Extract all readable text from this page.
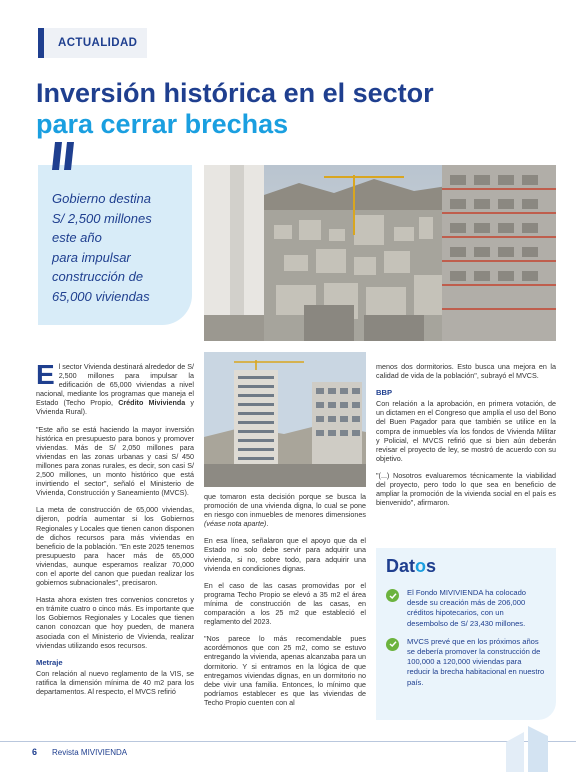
ACTUALIDAD
Inversión histórica en el sector
para cerrar brechas
Gobierno destina
S/ 2,500 millones
este año
para impulsar
construcción de
65,000 viviendas

El sector Vivienda destinará alrededor de S/ 2,500 millones para impulsar la edificación de 65,000 viviendas a nivel nacional, mediante los programas que maneja el Estado (Techo Propio, Crédito Mivivienda y Vivienda Rural).

"Este año se está haciendo la mayor inversión histórica en presupuesto para bonos y promover viviendas. Más de S/ 2,050 millones para viviendas en las zonas urbanas y casi S/ 450 millones para zonas rurales, es decir, son casi S/ 2,500 millones, un monto histórico que está invirtiendo el sector", señaló el Ministerio de Vivienda, Construcción y Saneamiento (MVCS).

La meta de construcción de 65,000 viviendas, dijeron, podría aumentar si los Gobiernos Regionales y Locales que tienen canon disponen de dichos recursos para más viviendas en beneficio de la población. "En este 2025 tenemos presupuesto para hacer más de 65,000 viviendas, aunque esperamos realizar 70,000 con el aporte del canon que puedan realizar los gobiernos subnacionales", precisaron.

Hasta ahora existen tres convenios concretos y en trámite cuatro o cinco más. Es importante que los Gobiernos Regionales y Locales que tienen canon conozcan que hoy pueden, de manera asociada con el Ministerio de Vivienda, realizar viviendas utilizando esos recursos.

Metraje

Con relación al nuevo reglamento de la VIS, se ratifica la dimensión mínima de 40 m2 para los departamentos. Al respecto, el MVCS refirió

que tomaron esta decisión porque se busca la promoción de una vivienda digna, lo cual se pone en riesgo con inmuebles de menores dimensiones (véase nota aparte).

En esa línea, señalaron que el apoyo que da el Estado no solo debe servir para adquirir una vivienda, si no, sobre todo, para adquirir una vivienda en condiciones dignas.

En el caso de las casas promovidas por el programa Techo Propio se elevó a 35 m2 el área mínima de construcción de las casas, en comparación a los 25 m2 que estableció el reglamento del 2023.

"Nos parece lo más recomendable pues acordémonos que con 25 m2, como se estuvo entregando la vivienda, apenas alcanzaba para un dormitorio. Y si entramos en la lógica de que entregamos viviendas dignas, en un dormitorio no debe vivir una familia. Entonces, lo mínimo que podríamos establecer es que las viviendas de Techo Propio cuenten con al

menos dos dormitorios. Esto busca una mejora en la calidad de vida de la población", subrayó el MVCS.

BBP

Con relación a la aprobación, en primera votación, de un dictamen en el Congreso que amplía el uso del Bono del Buen Pagador para que también se utilice en la compra de inmuebles vía los fondos de Vivienda Militar y Policial, el MVCS refirió que si bien aún deberán revisar el proyecto de ley, se mostró de acuerdo con su objetivo.

"(...) Nosotros evaluaremos técnicamente la viabilidad del proyecto, pero todo lo que sea en beneficio de ampliar la promoción de la vivienda social en el país es bienvenido", afirmaron.

Datos
El Fondo MIVIVIENDA ha colocado desde su creación más de 206,000 créditos hipotecarios, con un desembolso de S/ 23,430 millones.
MVCS prevé que en los próximos años se debería promover la construcción de 100,000 a 120,000 viviendas para reducir la brecha habitacional en nuestro país.
6 Revista MIVIVIENDA
